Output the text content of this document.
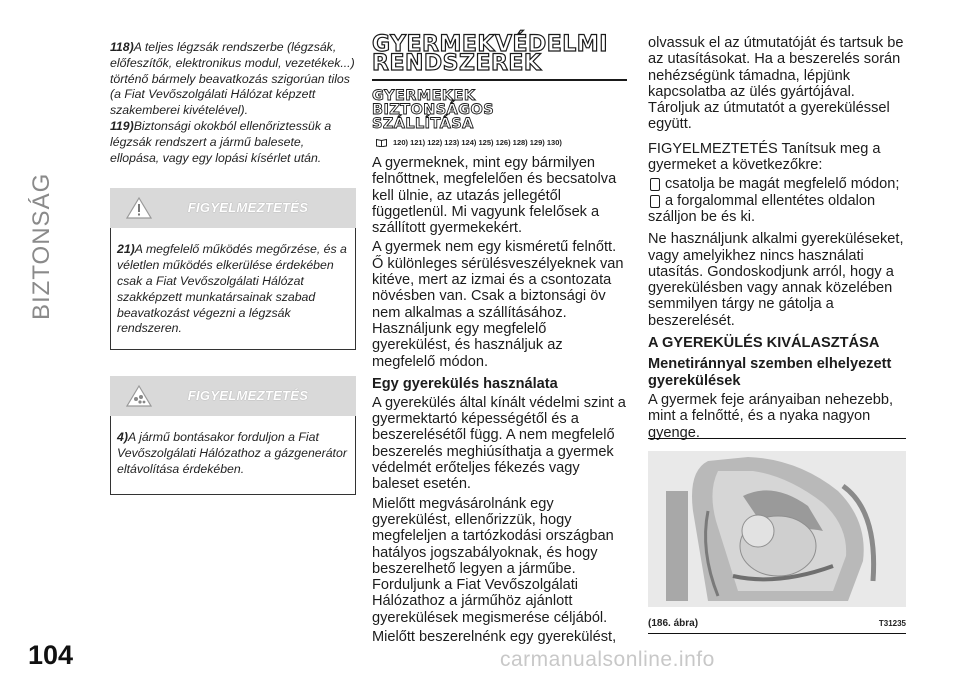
BIZTONSÁG
104
118)A teljes légzsák rendszerbe (légzsák, előfeszítők, elektronikus modul, vezetékek...) történő bármely beavatkozás szigorúan tilos (a Fiat Vevőszolgálati Hálózat képzett szakemberei kivételével).
119)Biztonsági okokból ellenőriztessük a légzsák rendszert a jármű balesete, ellopása, vagy egy lopási kísérlet után.
FIGYELMEZTETÉS
21)A megfelelő működés megőrzése, és a véletlen működés elkerülése érdekében csak a Fiat Vevőszolgálati Hálózat szakképzett munkatársainak szabad beavatkozást végezni a légzsák rendszeren.
FIGYELMEZTETÉS
4)A jármű bontásakor forduljon a Fiat Vevőszolgálati Hálózathoz a gázgenerátor eltávolítása érdekében.
GYERMEKVÉDELMI
RENDSZEREK
GYERMEKEK
BIZTONSÁGOS
SZÁLLÍTÁSA
120) 121) 122) 123) 124) 125) 126) 128) 129) 130)

A gyermeknek, mint egy bármilyen felnőttnek, megfelelően és becsatolva kell ülnie, az utazás jellegétől függetlenül. Mi vagyunk felelősek a szállított gyermekekért.

A gyermek nem egy kisméretű felnőtt. Ő különleges sérülésveszélyeknek van kitéve, mert az izmai és a csontozata növésben van. Csak a biztonsági öv nem alkalmas a szállításához. Használjunk egy megfelelő gyerekülést, és használjuk az megfelelő módon.

Egy gyerekülés használata

A gyerekülés által kínált védelmi szint a gyermektartó képességétől és a beszerelésétől függ. A nem megfelelő beszerelés meghiúsíthatja a gyermek védelmét erőteljes fékezés vagy baleset esetén.

Mielőtt megvásárolnánk egy gyerekülést, ellenőrizzük, hogy megfeleljen a tartózkodási országban hatályos jogszabályoknak, és hogy beszerelhető legyen a járműbe. Forduljunk a Fiat Vevőszolgálati Hálózathoz a járműhöz ajánlott gyerekülések megismerése céljából.

Mielőtt beszerelnénk egy gyerekülést,

olvassuk el az útmutatóját és tartsuk be az utasításokat. Ha a beszerelés során nehézségünk támadna, lépjünk kapcsolatba az ülés gyártójával. Tároljuk az útmutatót a gyereküléssel együtt.

FIGYELMEZTETÉS Tanítsuk meg a gyermeket a következőkre:

csatolja be magát megfelelő módon;
a forgalommal ellentétes oldalon

szálljon be és ki.

Ne használjunk alkalmi gyereküléseket, vagy amelyikhez nincs használati utasítás. Gondoskodjunk arról, hogy a gyerekülésben vagy annak közelében semmilyen tárgy ne gátolja a beszerelését.

A GYEREKÜLÉS KIVÁLASZTÁSA
Menetiránnyal szemben elhelyezett
gyerekülések

A gyermek feje arányaiban nehezebb, mint a felnőtté, és a nyaka nagyon gyenge.

(186. ábra)	T31235
carmanualsonline.info
